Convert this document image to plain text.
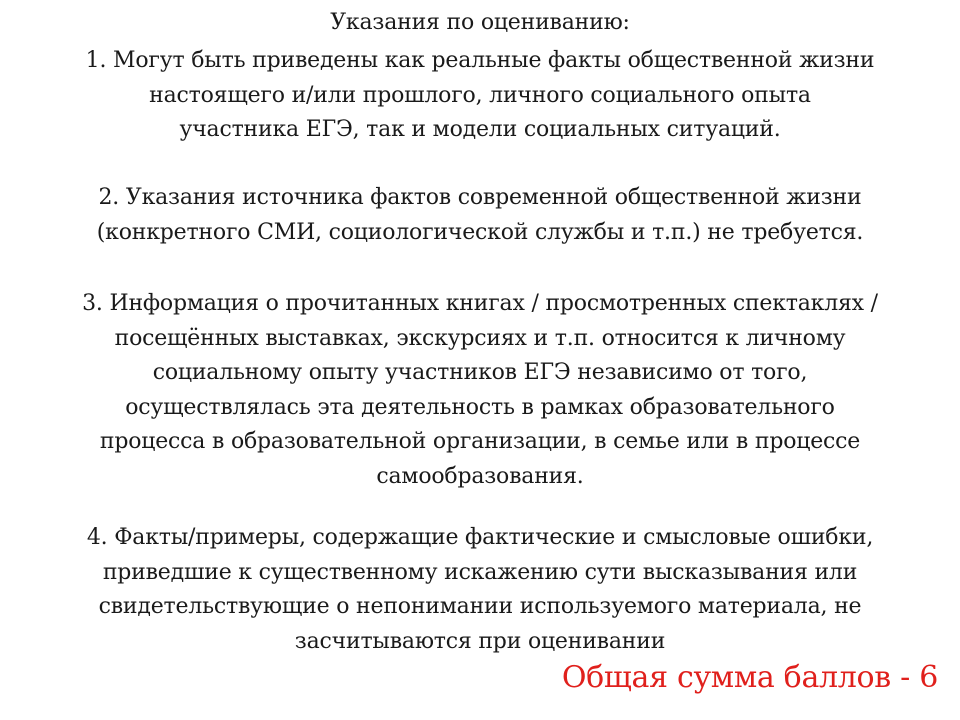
Указания по оцениванию:
1. Могут быть приведены как реальные факты общественной жизни
настоящего и/или прошлого, личного социального опыта
участника ЕГЭ, так и модели социальных ситуаций.
2. Указания источника фактов современной общественной жизни
(конкретного СМИ, социологической службы и т.п.) не требуется.
3. Информация о прочитанных книгах / просмотренных спектаклях /
посещённых выставках, экскурсиях и т.п. относится к личному
социальному опыту участников ЕГЭ независимо от того,
осуществлялась эта деятельность в рамках образовательного
процесса в образовательной организации, в семье или в процессе
самообразования.
4. Факты/примеры, содержащие фактические и смысловые ошибки,
приведшие к существенному искажению сути высказывания или
свидетельствующие о непонимании используемого материала, не
засчитываются при оценивании
Общая сумма баллов - 6
